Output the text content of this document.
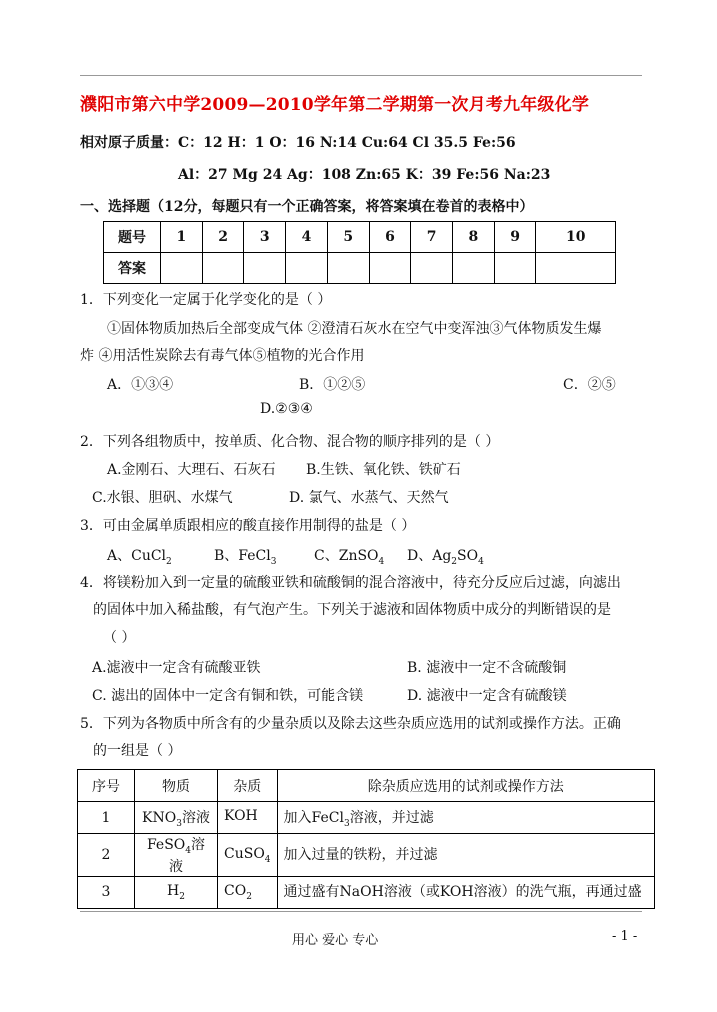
濮阳市第六中学2009—2010学年第二学期第一次月考九年级化学
相对原子质量：C：12 H：1 O：16 N:14 Cu:64 Cl 35.5 Fe:56
Al：27 Mg 24 Ag：108 Zn:65 K：39 Fe:56 Na:23
一、选择题（12分，每题只有一个正确答案，将答案填在卷首的表格中）
题号	1	2	3	4	5	6	7	8	9	10
答案										
1．下列变化一定属于化学变化的是（ ）
①固体物质加热后全部变成气体 ②澄清石灰水在空气中变浑浊③气体物质发生爆
炸 ④用活性炭除去有毒气体⑤植物的光合作用
A．①③④	B．①②⑤	C．②⑤
D.②③④
2．下列各组物质中，按单质、化合物、混合物的顺序排列的是（ ）
A.金刚石、大理石、石灰石 B.生铁、氧化铁、铁矿石
C.水银、胆矾、水煤气	D. 氯气、水蒸气、天然气
3．可由金属单质跟相应的酸直接作用制得的盐是（ ）
A、CuCl$_2$	B、FeCl$_3$	C、ZnSO$_4$ D、$Ag_2SO_4$
4．将镁粉加入到一定量的硫酸亚铁和硫酸铜的混合溶液中，待充分反应后过滤，向滤出
的固体中加入稀盐酸，有气泡产生。下列关于滤液和固体物质中成分的判断错误的是
（ ）
A.滤液中一定含有硫酸亚铁	B. 滤液中一定不含硫酸铜
C. 滤出的固体中一定含有铜和铁，可能含镁	D. 滤液中一定含有硫酸镁
5．下列为各物质中所含有的少量杂质以及除去这些杂质应选用的试剂或操作方法。正确
的一组是（ ）
序号	物质	杂质	除杂质应选用的试剂或操作方法
1	$KNO_3$溶液	KOH	加入FeCl$_3$溶液，并过滤
2	FeSO$_4$溶液	CuSO$_4$	加入过量的铁粉，并过滤
3	$H_2$	$CO_2$	通过盛有NaOH溶液（或KOH溶液）的洗气瓶，再通过盛
用心 爱心 专心	- 1 -
